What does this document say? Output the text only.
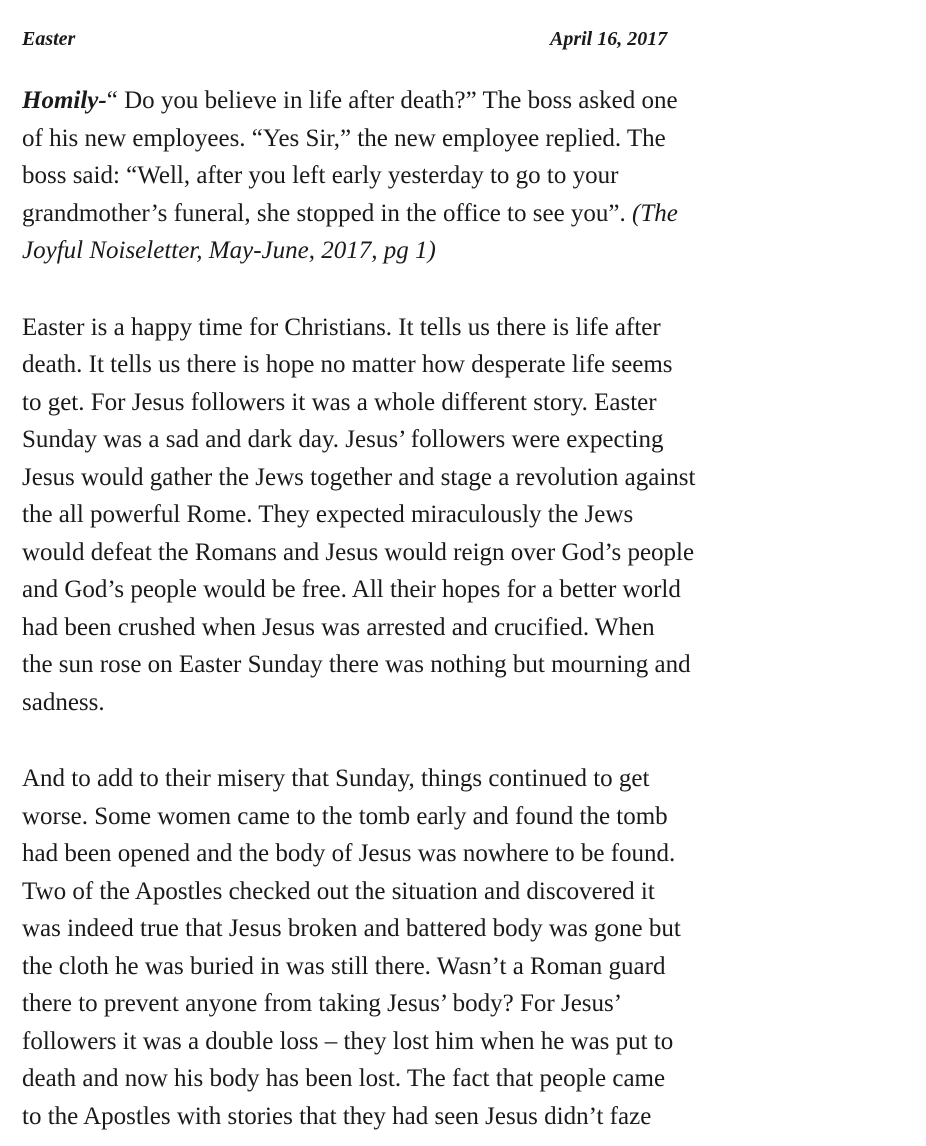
Easter	April 16, 2017
Homily-“ Do you believe in life after death?” The boss asked one
of his new employees. “Yes Sir,” the new employee replied. The
boss said: “Well, after you left early yesterday to go to your
grandmother’s funeral, she stopped in the office to see you”. (The
Joyful Noiseletter, May-June, 2017, pg 1)
Easter is a happy time for Christians. It tells us there is life after
death. It tells us there is hope no matter how desperate life seems
to get. For Jesus followers it was a whole different story. Easter
Sunday was a sad and dark day. Jesus’ followers were expecting
Jesus would gather the Jews together and stage a revolution against
the all powerful Rome. They expected miraculously the Jews
would defeat the Romans and Jesus would reign over God’s people
and God’s people would be free. All their hopes for a better world
had been crushed when Jesus was arrested and crucified. When
the sun rose on Easter Sunday there was nothing but mourning and
sadness.
And to add to their misery that Sunday, things continued to get
worse. Some women came to the tomb early and found the tomb
had been opened and the body of Jesus was nowhere to be found.
Two of the Apostles checked out the situation and discovered it
was indeed true that Jesus broken and battered body was gone but
the cloth he was buried in was still there. Wasn’t a Roman guard
there to prevent anyone from taking Jesus’ body? For Jesus’
followers it was a double loss – they lost him when he was put to
death and now his body has been lost. The fact that people came
to the Apostles with stories that they had seen Jesus didn’t faze
